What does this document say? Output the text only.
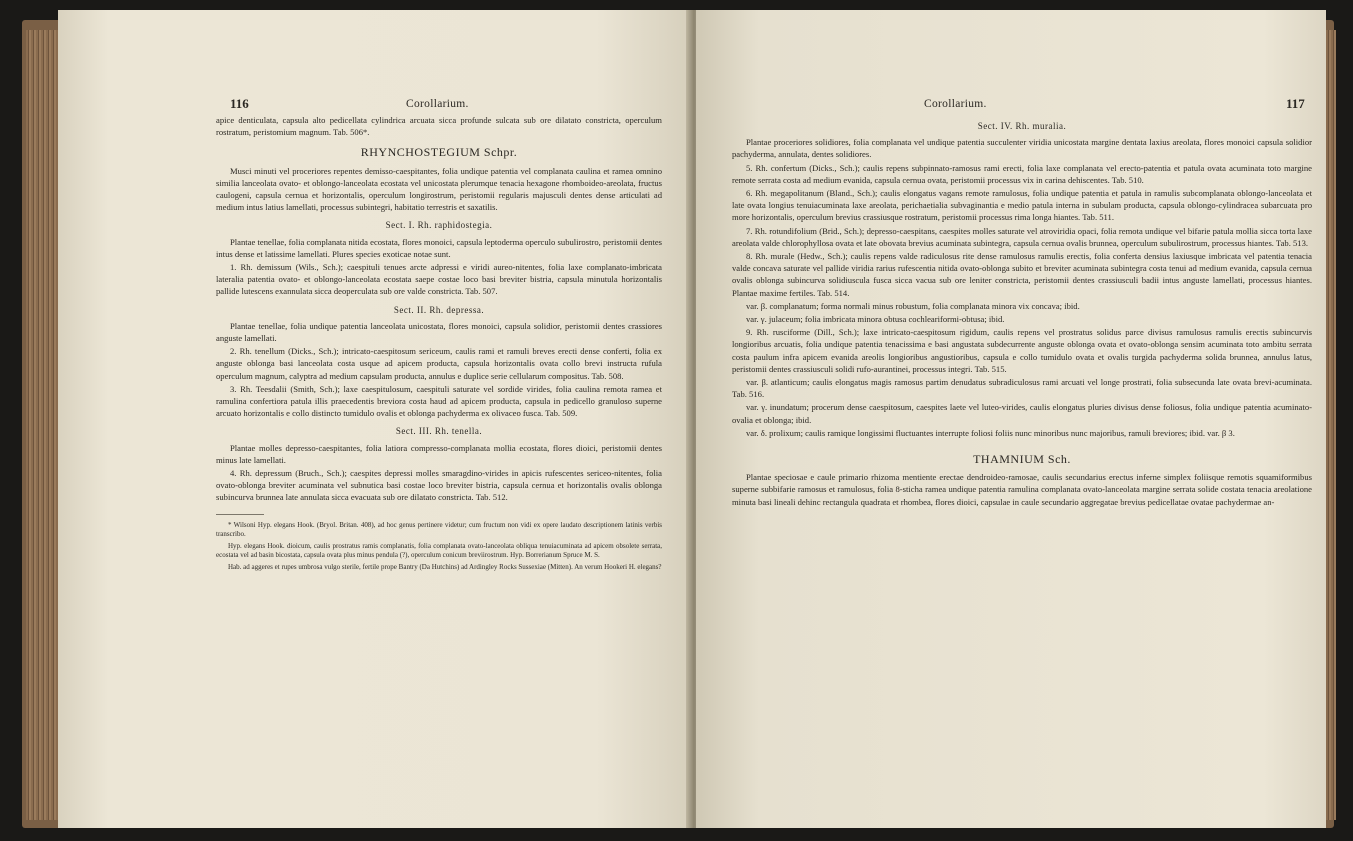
116	Corollarium.

apice denticulata, capsula alto pedicellata cylindrica arcuata sicca profunde sulcata sub ore dilatato constricta, operculum rostratum, peristomium magnum. Tab. 506*.

RHYNCHOSTEGIUM Schpr.

Musci minuti vel proceriores repentes demisso-caespitantes, folia undique patentia vel complanata caulina et ramea omnino similia lanceolata ovato- et oblongo-lanceolata ecostata vel unicostata plerumque tenacia hexagone rhomboideo-areolata, fructus caulogeni, capsula cernua et horizontalis, operculum longirostrum, peristomii regularis majusculi dentes dense articulati ad medium intus latius lamellati, processus subintegri, habitatio terrestris et saxatilis.

Sect. I. Rh. raphidostegia.

Plantae tenellae, folia complanata nitida ecostata, flores monoici, capsula leptoderma operculo subulirostro, peristomii dentes intus dense et latissime lamellati. Plures species exoticae notae sunt.

1. Rh. demissum (Wils., Sch.); caespituli tenues arcte adpressi e viridi aureo-nitentes, folia laxe complanato-imbricata lateralia patentia ovato- et oblongo-lanceolata ecostata saepe costae loco basi breviter bistria, capsula minutula horizontalis pallide lutescens exannulata sicca deoperculata sub ore valde constricta. Tab. 507.

Sect. II. Rh. depressa.

Plantae tenellae, folia undique patentia lanceolata unicostata, flores monoici, capsula solidior, peristomii dentes crassiores anguste lamellati.

2. Rh. tenellum (Dicks., Sch.); intricato-caespitosum sericeum, caulis rami et ramuli breves erecti dense conferti, folia ex anguste oblonga basi lanceolata costa usque ad apicem producta, capsula horizontalis ovata collo brevi instructa rufula operculum magnum, calyptra ad medium capsulam producta, annulus e duplice serie cellularum compositus. Tab. 508.

3. Rh. Teesdalii (Smith, Sch.); laxe caespitulosum, caespituli saturate vel sordide virides, folia caulina remota ramea et ramulina confertiora patula illis praecedentis breviora costa haud ad apicem producta, capsula in pedicello granuloso superne arcuato horizontalis e collo distincto tumidulo ovalis et oblonga pachyderma ex olivaceo fusca. Tab. 509.

Sect. III. Rh. tenella.

Plantae molles depresso-caespitantes, folia latiora compresso-complanata mollia ecostata, flores dioici, peristomii dentes minus late lamellati.

4. Rh. depressum (Bruch., Sch.); caespites depressi molles smaragdino-virides in apicis rufescentes sericeo-nitentes, folia ovato-oblonga breviter acuminata vel subnutica basi costae loco breviter bistria, capsula cernua et horizontalis ovalis oblonga subincurva brunnea late annulata sicca evacuata sub ore dilatato constricta. Tab. 512.

* Wilsoni Hyp. elegans Hook. (Bryol. Britan. 408), ad hoc genus pertinere videtur; cum fructum non vidi ex opere laudato descriptionem latinis verbis transcribo.

Hyp. elegans Hook. dioicum, caulis prostratus ramis complanatis, folia complanata ovato-lanceolata obliqua tenuiacuminata ad apicem obsolete serrata, ecostata vel ad basin bicostata, capsula ovata plus minus pendula (?), operculum conicum breviirostrum. Hyp. Borrerianum Spruce M. S.

Hab. ad aggeres et rupes umbrosa vulgo sterile, fertile prope Bantry (Da Hutchins) ad Ardingley Rocks Sussexiae (Mitten). An verum Hookeri H. elegans?

Corollarium.	117
Sect. IV. Rh. muralia.

Plantae proceriores solidiores, folia complanata vel undique patentia succulenter viridia unicostata margine dentata laxius areolata, flores monoici capsula solidior pachyderma, annulata, dentes solidiores.

5. Rh. confertum (Dicks., Sch.); caulis repens subpinnato-ramosus rami erecti, folia laxe complanata vel erecto-patentia et patula ovata acuminata toto margine remote serrata costa ad medium evanida, capsula cernua ovata, peristomii processus vix in carina dehiscentes. Tab. 510.

6. Rh. megapolitanum (Bland., Sch.); caulis elongatus vagans remote ramulosus, folia undique patentia et patula in ramulis subcomplanata oblongo-lanceolata et late ovata longius tenuiacuminata laxe areolata, perichaetialia subvaginantia e medio patula interna in subulam producta, capsula oblongo-cylindracea subarcuata pro more horizontalis, operculum brevius crassiusque rostratum, peristomii processus rima longa hiantes. Tab. 511.

7. Rh. rotundifolium (Brid., Sch.); depresso-caespitans, caespites molles saturate vel atroviridia opaci, folia remota undique vel bifarie patula mollia sicca torta laxe areolata valde chlorophyllosa ovata et late obovata brevius acuminata subintegra, capsula cernua ovalis brunnea, operculum subulirostrum, processus hiantes. Tab. 513.

8. Rh. murale (Hedw., Sch.); caulis repens valde radiculosus rite dense ramulosus ramulis erectis, folia conferta densius laxiusque imbricata vel patentia tenacia valde concava saturate vel pallide viridia rarius rufescentia nitida ovato-oblonga subito et breviter acuminata subintegra costa tenui ad medium evanida, capsula cernua ovalis oblonga subincurva solidiuscula fusca sicca vacua sub ore leniter constricta, peristomii dentes crassiusculi badii intus anguste lamellati, processus hiantes. Plantae maxime fertiles. Tab. 514.

var. β. complanatum; forma normali minus robustum, folia complanata minora vix concava; ibid.

var. γ. julaceum; folia imbricata minora obtusa cochleariformi-obtusa; ibid.

9. Rh. rusciforme (Dill., Sch.); laxe intricato-caespitosum rigidum, caulis repens vel prostratus solidus parce divisus ramulosus ramulis erectis subincurvis longioribus arcuatis, folia undique patentia tenacissima e basi angustata subdecurrente anguste oblonga ovata et ovato-oblonga sensim acuminata toto ambitu serrata costa paulum infra apicem evanida areolis longioribus angustioribus, capsula e collo tumidulo ovata et ovalis turgida pachyderma solida brunnea, annulus latus, peristomii dentes crassiusculi solidi rufo-aurantinei, processus integri. Tab. 515.

var. β. atlanticum; caulis elongatus magis ramosus partim denudatus subradiculosus rami arcuati vel longe prostrati, folia subsecunda late ovata brevi-acuminata. Tab. 516.

var. γ. inundatum; procerum dense caespitosum, caespites laete vel luteo-virides, caulis elongatus pluries divisus dense foliosus, folia undique patentia acuminato-ovalia et oblonga; ibid.

var. δ. prolixum; caulis ramique longissimi fluctuantes interrupte foliosi foliis nunc minoribus nunc majoribus, ramuli breviores; ibid. var. β 3.

THAMNIUM Sch.

Plantae speciosae e caule primario rhizoma mentiente erectae dendroideo-ramosae, caulis secundarius erectus inferne simplex foliisque remotis squamiformibus superne subbifarie ramosus et ramulosus, folia 8-sticha ramea undique patentia ramulina complanata ovato-lanceolata margine serrata solide costata tenacia areolatione minuta basi lineali dehinc rectangula quadrata et rhombea, flores dioici, capsulae in caule secundario aggregatae brevius pedicellatae ovatae pachydermae an-
